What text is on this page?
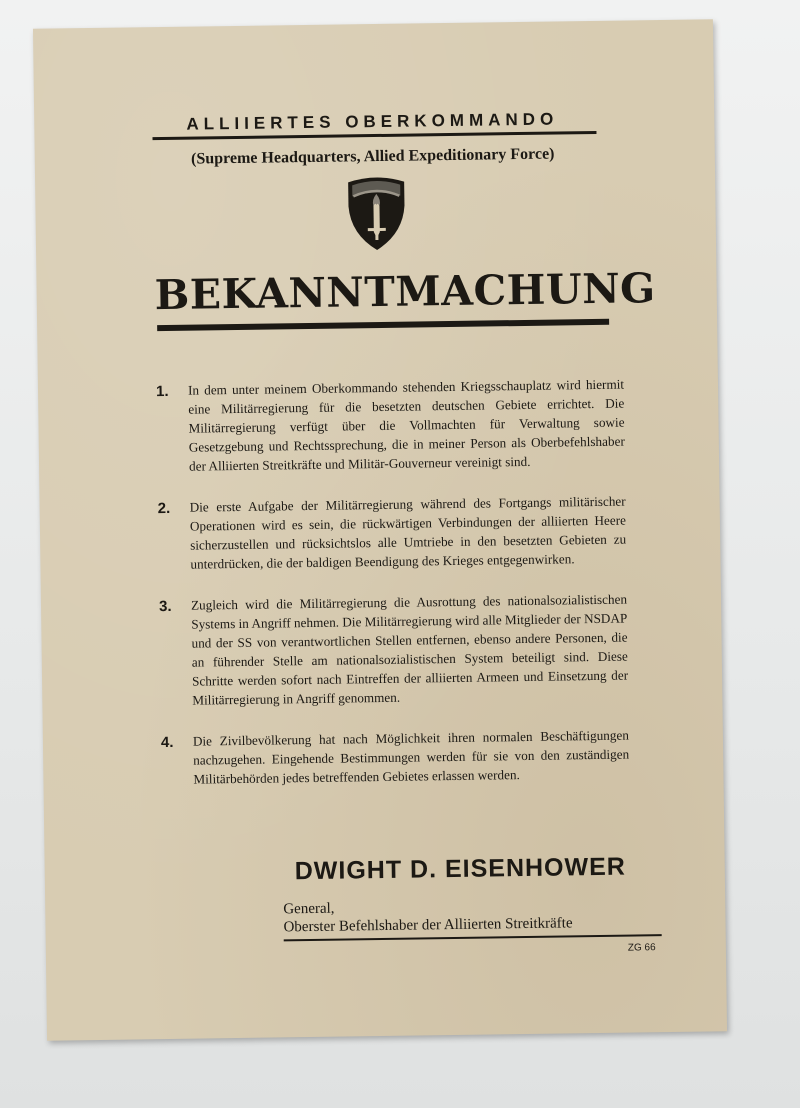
ALLIIERTES OBERKOMMANDO
(Supreme Headquarters, Allied Expeditionary Force)
BEKANNTMACHUNG
1. In dem unter meinem Oberkommando stehenden Kriegsschauplatz wird hiermit eine Militärregierung für die besetzten deutschen Gebiete errichtet. Die Militärregierung verfügt über die Vollmachten für Verwaltung sowie Gesetzgebung und Rechtssprechung, die in meiner Person als Oberbefehlshaber der Alliierten Streitkräfte und Militär-Gouverneur vereinigt sind.
2. Die erste Aufgabe der Militärregierung während des Fortgangs militärischer Operationen wird es sein, die rückwärtigen Verbindungen der alliierten Heere sicherzustellen und rücksichtslos alle Umtriebe in den besetzten Gebieten zu unterdrücken, die der baldigen Beendigung des Krieges entgegenwirken.
3. Zugleich wird die Militärregierung die Ausrottung des nationalsozialistischen Systems in Angriff nehmen. Die Militärregierung wird alle Mitglieder der NSDAP und der SS von verantwortlichen Stellen entfernen, ebenso andere Personen, die an führender Stelle am nationalsozialistischen System beteiligt sind. Diese Schritte werden sofort nach Eintreffen der alliierten Armeen und Einsetzung der Militärregierung in Angriff genommen.
4. Die Zivilbevölkerung hat nach Möglichkeit ihren normalen Beschäftigungen nachzugehen. Eingehende Bestimmungen werden für sie von den zuständigen Militärbehörden jedes betreffenden Gebietes erlassen werden.
DWIGHT D. EISENHOWER
General,
Oberster Befehlshaber der Alliierten Streitkräfte
ZG 66
